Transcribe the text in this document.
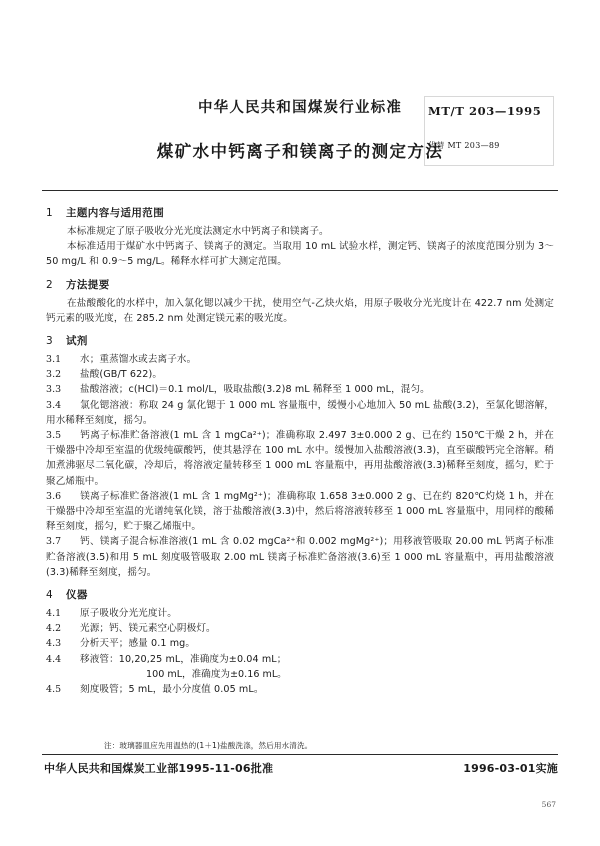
中华人民共和国煤炭行业标准
煤矿水中钙离子和镁离子的测定方法
MT/T 203—1995
代替 MT 203—89
1 主题内容与适用范围

本标准规定了原子吸收分光光度法测定水中钙离子和镁离子。

本标准适用于煤矿水中钙离子、镁离子的测定。当取用 10 mL 试验水样，测定钙、镁离子的浓度范围分别为 3～50 mg/L 和 0.9～5 mg/L。稀释水样可扩大测定范围。

2 方法提要

在盐酸酸化的水样中，加入氯化锶以减少干扰，使用空气-乙炔火焰，用原子吸收分光光度计在 422.7 nm 处测定钙元素的吸光度，在 285.2 nm 处测定镁元素的吸光度。

3 试剂

3.1 水；重蒸馏水或去离子水。

3.2 盐酸(GB/T 622)。

3.3 盐酸溶液；c(HCl)＝0.1 mol/L，吸取盐酸(3.2)8 mL 稀释至 1 000 mL，混匀。

3.4 氯化锶溶液：称取 24 g 氯化锶于 1 000 mL 容量瓶中，缓慢小心地加入 50 mL 盐酸(3.2)，至氯化锶溶解，用水稀释至刻度，摇匀。

3.5 钙离子标准贮备溶液(1 mL 含 1 mgCa²⁺)；准确称取 2.497 3±0.000 2 g、已在约 150℃干燥 2 h，并在干燥器中冷却至室温的优级纯碳酸钙，使其悬浮在 100 mL 水中。缓慢加入盐酸溶液(3.3)，直至碳酸钙完全溶解。稍加煮沸驱尽二氧化碳，冷却后，将溶液定量转移至 1 000 mL 容量瓶中，再用盐酸溶液(3.3)稀释至刻度，摇匀，贮于聚乙烯瓶中。

3.6 镁离子标准贮备溶液(1 mL 含 1 mgMg²⁺)；准确称取 1.658 3±0.000 2 g、已在约 820℃灼烧 1 h，并在干燥器中冷却至室温的光谱纯氧化镁，溶于盐酸溶液(3.3)中，然后将溶液转移至 1 000 mL 容量瓶中，用同样的酸稀释至刻度，摇匀，贮于聚乙烯瓶中。

3.7 钙、镁离子混合标准溶液(1 mL 含 0.02 mgCa²⁺和 0.002 mgMg²⁺)；用移液管吸取 20.00 mL 钙离子标准贮备溶液(3.5)和用 5 mL 刻度吸管吸取 2.00 mL 镁离子标准贮备溶液(3.6)至 1 000 mL 容量瓶中，再用盐酸溶液(3.3)稀释至刻度，摇匀。

4 仪器

4.1 原子吸收分光光度计。

4.2 光源；钙、镁元素空心阴极灯。

4.3 分析天平；感量 0.1 mg。

4.4 移液管：10,20,25 mL，准确度为±0.04 mL；

100 mL，准确度为±0.16 mL。

4.5 刻度吸管；5 mL，最小分度值 0.05 mL。

注：玻璃器皿应先用温热的(1＋1)盐酸洗涤，然后用水清洗。
中华人民共和国煤炭工业部1995-11-06批准	1996-03-01实施
567
